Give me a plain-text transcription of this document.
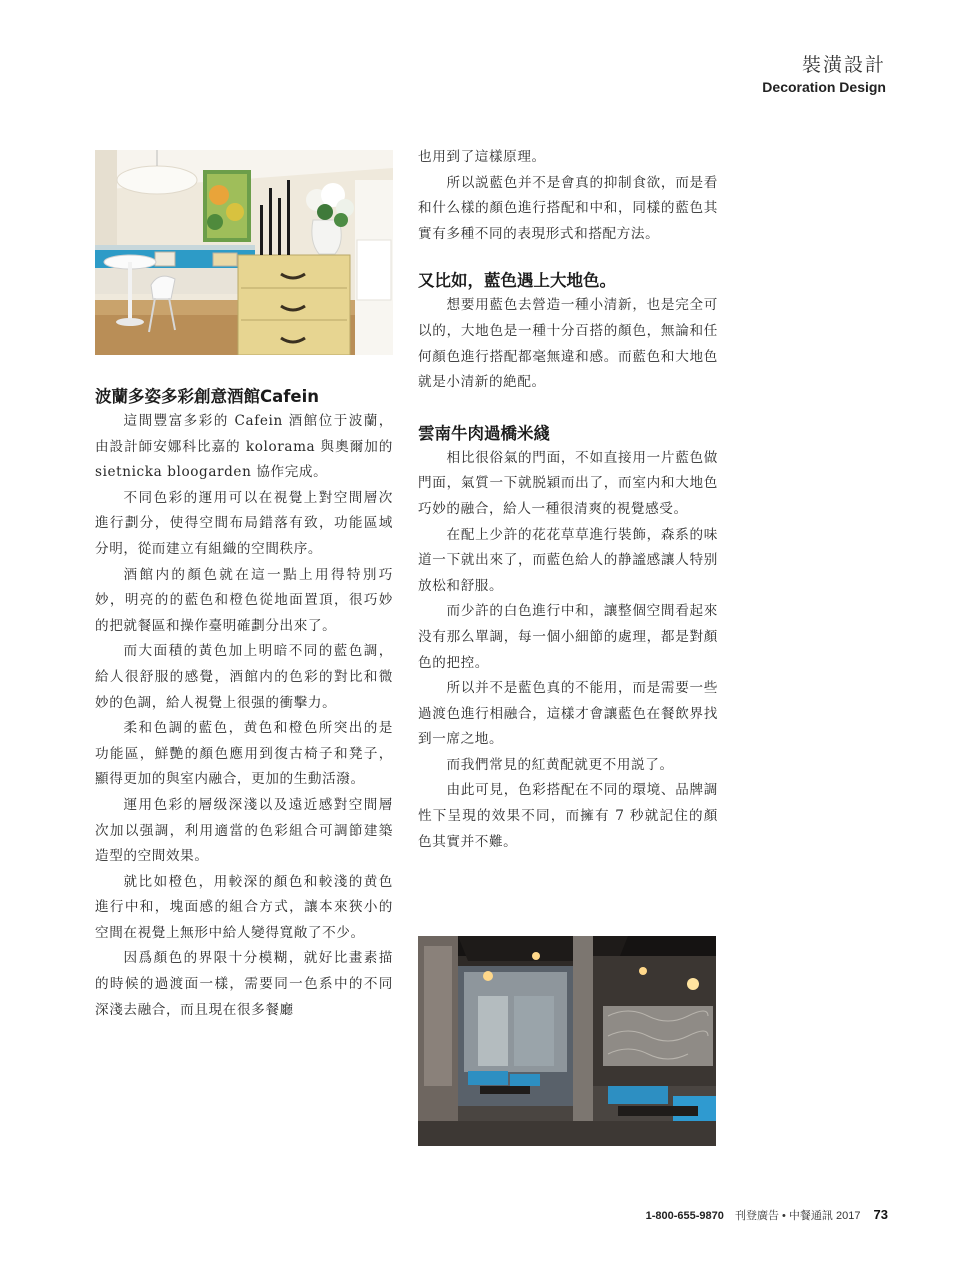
裝潢設計
Decoration Design
波蘭多姿多彩創意酒館Cafein

這間豐富多彩的 Cafein 酒館位于波蘭，由設計師安娜科比嘉的 kolorama 與奧爾加的 sietnicka bloogarden 協作完成。

不同色彩的運用可以在視覺上對空間層次進行劃分，使得空間布局錯落有致，功能區域分明，從而建立有組織的空間秩序。

酒館内的顏色就在這一點上用得特別巧妙，明亮的的藍色和橙色從地面置頂，很巧妙的把就餐區和操作臺明確劃分出來了。

而大面積的黃色加上明暗不同的藍色調，給人很舒服的感覺，酒館内的色彩的對比和微妙的色調，給人視覺上很强的衝擊力。

柔和色調的藍色，黄色和橙色所突出的是功能區，鮮艷的顏色應用到復古椅子和凳子，顯得更加的與室内融合，更加的生動活潑。

運用色彩的層级深淺以及遠近感對空間層次加以强調，利用適當的色彩組合可調節建築造型的空間效果。

就比如橙色，用較深的顏色和較淺的黄色進行中和，塊面感的組合方式，讓本來狹小的空間在視覺上無形中給人變得寬敞了不少。

因爲顏色的界限十分模糊，就好比畫素描的時候的過渡面一樣，需要同一色系中的不同深淺去融合，而且現在很多餐廳

也用到了這樣原理。

所以説藍色并不是會真的抑制食欲，而是看和什么樣的顏色進行搭配和中和，同樣的藍色其實有多種不同的表現形式和搭配方法。

又比如，藍色遇上大地色。

想要用藍色去營造一種小清新，也是完全可以的，大地色是一種十分百搭的顏色，無論和任何顏色進行搭配都毫無違和感。而藍色和大地色就是小清新的絶配。

雲南牛肉過橋米綫

相比很俗氣的門面，不如直接用一片藍色做門面，氣質一下就脱穎而出了，而室内和大地色巧妙的融合，給人一種很清爽的視覺感受。

在配上少許的花花草草進行裝飾，森系的味道一下就出來了，而藍色給人的静謐感讓人特别放松和舒服。

而少許的白色進行中和，讓整個空間看起來没有那么單調，每一個小細節的處理，都是對顏色的把控。

所以并不是藍色真的不能用，而是需要一些過渡色進行相融合，這樣才會讓藍色在餐飲界找到一席之地。

而我們常見的紅黄配就更不用説了。

由此可見，色彩搭配在不同的環境、品牌調性下呈現的效果不同，而擁有 7 秒就記住的顏色其實并不難。

1-800-655-9870 刊登廣告 • 中餐通訊 2017 73
